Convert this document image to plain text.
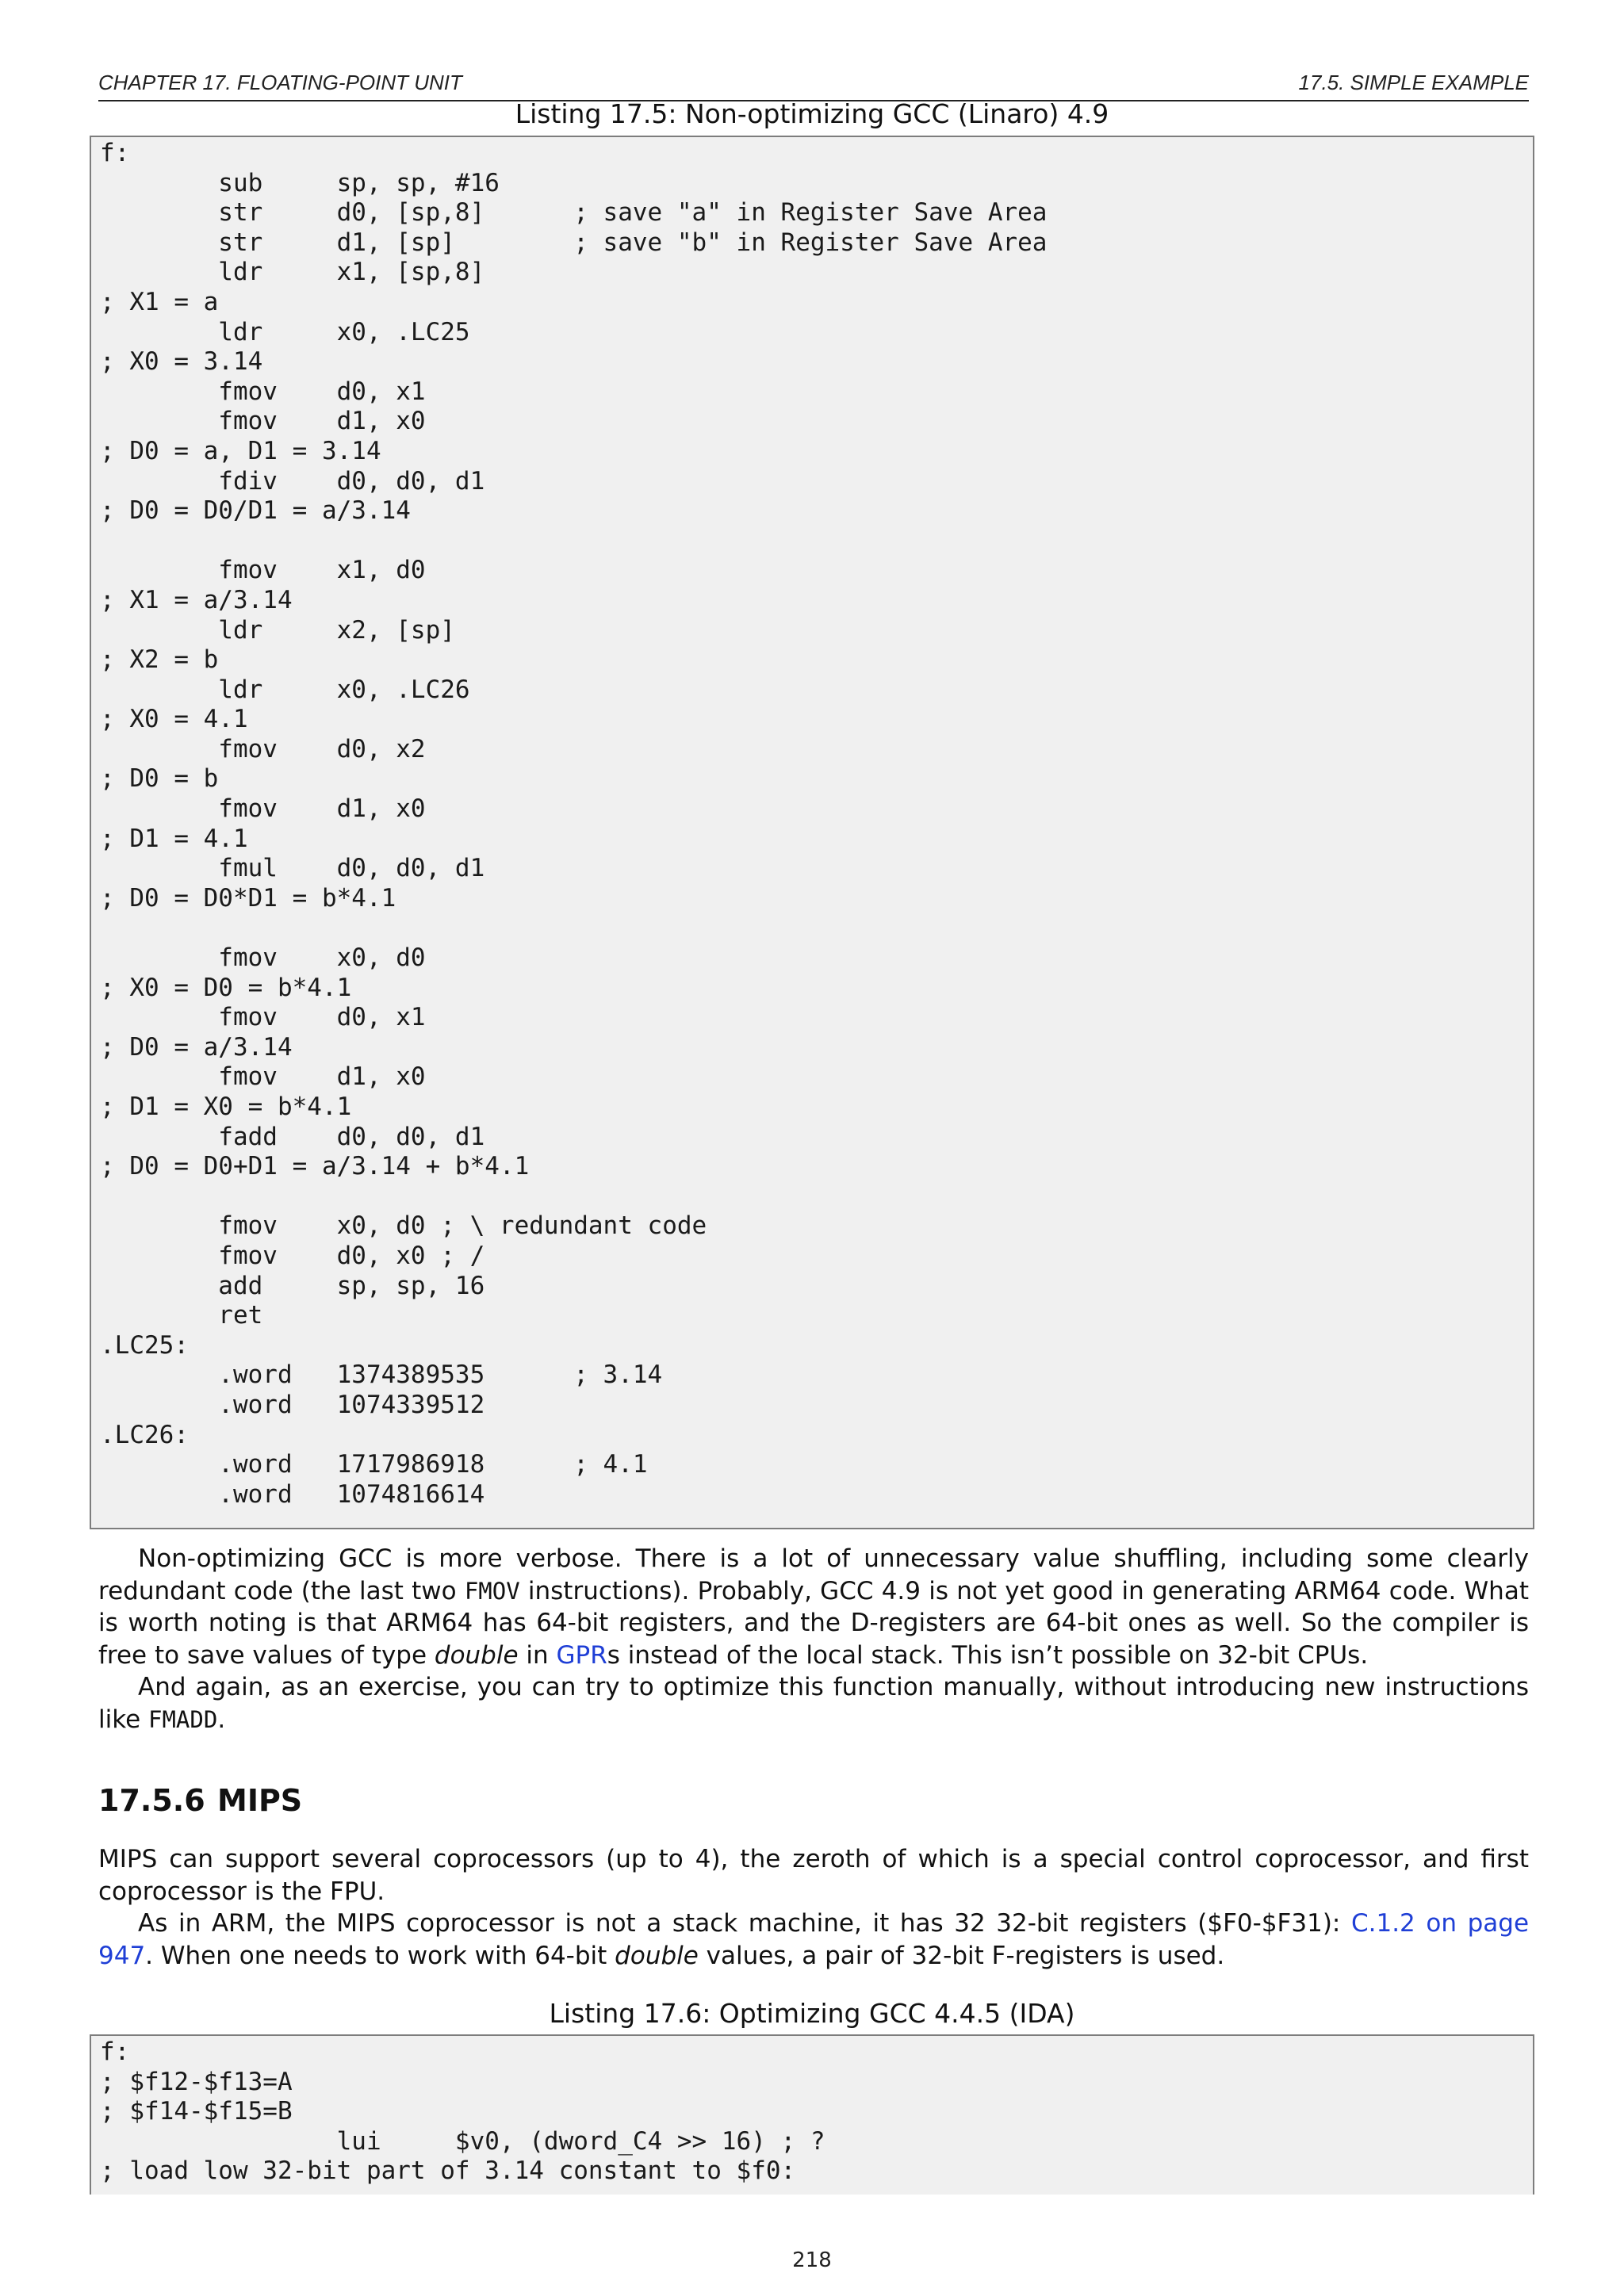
CHAPTER 17. FLOATING-POINT UNIT	17.5. SIMPLE EXAMPLE
Listing 17.5: Non-optimizing GCC (Linaro) 4.9
f:
sub     sp, sp, #16
str     d0, [sp,8]      ; save "a" in Register Save Area
str     d1, [sp]        ; save "b" in Register Save Area
ldr     x1, [sp,8]
; X1 = a
ldr     x0, .LC25
; X0 = 3.14
fmov    d0, x1
fmov    d1, x0
; D0 = a, D1 = 3.14
fdiv    d0, d0, d1
; D0 = D0/D1 = a/3.14

fmov    x1, d0
; X1 = a/3.14
ldr     x2, [sp]
; X2 = b
ldr     x0, .LC26
; X0 = 4.1
fmov    d0, x2
; D0 = b
fmov    d1, x0
; D1 = 4.1
fmul    d0, d0, d1
; D0 = D0*D1 = b*4.1

fmov    x0, d0
; X0 = D0 = b*4.1
fmov    d0, x1
; D0 = a/3.14
fmov    d1, x0
; D1 = X0 = b*4.1
fadd    d0, d0, d1
; D0 = D0+D1 = a/3.14 + b*4.1

fmov    x0, d0 ; \ redundant code
fmov    d0, x0 ; /
add     sp, sp, 16
ret
.LC25:
.word   1374389535      ; 3.14
.word   1074339512
.LC26:
.word   1717986918      ; 4.1
.word   1074816614

Non-optimizing GCC is more verbose. There is a lot of unnecessary value shuffling, including some clearly redundant code (the last two FMOV instructions). Probably, GCC 4.9 is not yet good in generating ARM64 code. What is worth noting is that ARM64 has 64-bit registers, and the D-registers are 64-bit ones as well. So the compiler is free to save values of type double in GPRs instead of the local stack. This isn’t possible on 32-bit CPUs.

And again, as an exercise, you can try to optimize this function manually, without introducing new instructions like FMADD.

17.5.6 MIPS

MIPS can support several coprocessors (up to 4), the zeroth of which is a special control coprocessor, and first coprocessor is the FPU.

As in ARM, the MIPS coprocessor is not a stack machine, it has 32 32-bit registers ($F0-$F31): C.1.2 on page 947. When one needs to work with 64-bit double values, a pair of 32-bit F-registers is used.

Listing 17.6: Optimizing GCC 4.4.5 (IDA)
f:
; $f12-$f13=A
; $f14-$f15=B
lui     $v0, (dword_C4 >> 16) ; ?
; load low 32-bit part of 3.14 constant to $f0:
218
